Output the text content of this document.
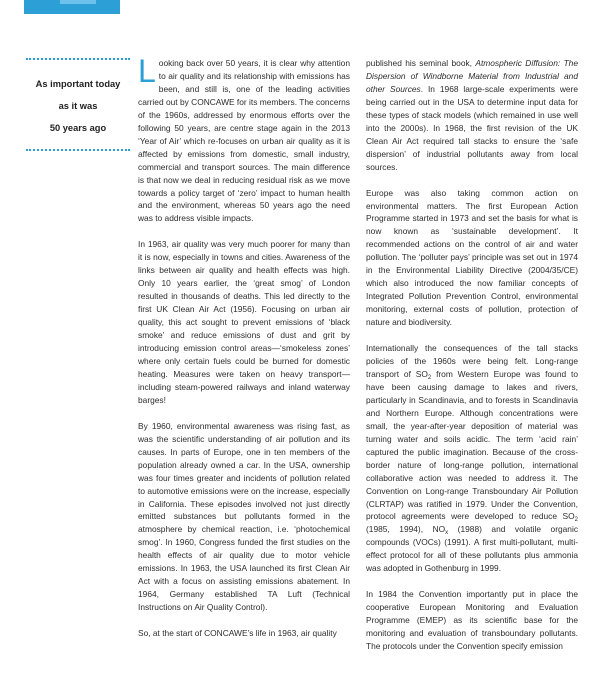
As important today
as it was
50 years ago

Looking back over 50 years, it is clear why attention to air quality and its relationship with emissions has been, and still is, one of the leading activities carried out by CONCAWE for its members. The concerns of the 1960s, addressed by enormous efforts over the following 50 years, are centre stage again in the 2013 ‘Year of Air’ which re-focuses on urban air quality as it is affected by emissions from domestic, small industry, commercial and transport sources. The main difference is that now we deal in reducing residual risk as we move towards a policy target of ‘zero’ impact to human health and the environment, whereas 50 years ago the need was to address visible impacts.

In 1963, air quality was very much poorer for many than it is now, especially in towns and cities. Awareness of the links between air quality and health effects was high. Only 10 years earlier, the ‘great smog’ of London resulted in thousands of deaths. This led directly to the first UK Clean Air Act (1956). Focusing on urban air quality, this act sought to prevent emissions of ‘black smoke’ and reduce emissions of dust and grit by introducing emission control areas—‘smokeless zones’ where only certain fuels could be burned for domestic heating. Measures were taken on heavy transport—including steam-powered railways and inland waterway barges!

By 1960, environmental awareness was rising fast, as was the scientific understanding of air pollution and its causes. In parts of Europe, one in ten members of the population already owned a car. In the USA, ownership was four times greater and incidents of pollution related to automotive emissions were on the increase, especially in California. These episodes involved not just directly emitted substances but pollutants formed in the atmosphere by chemical reaction, i.e. ‘photochemical smog’. In 1960, Congress funded the first studies on the health effects of air quality due to motor vehicle emissions. In 1963, the USA launched its first Clean Air Act with a focus on assisting emissions abatement. In 1964, Germany established TA Luft (Technical Instructions on Air Quality Control).

So, at the start of CONCAWE’s life in 1963, air quality

published his seminal book, Atmospheric Diffusion: The Dispersion of Windborne Material from Industrial and other Sources. In 1968 large-scale experiments were being carried out in the USA to determine input data for these types of stack models (which remained in use well into the 2000s). In 1968, the first revision of the UK Clean Air Act required tall stacks to ensure the ‘safe dispersion’ of industrial pollutants away from local sources.

Europe was also taking common action on environmental matters. The first European Action Programme started in 1973 and set the basis for what is now known as ‘sustainable development’. It recommended actions on the control of air and water pollution. The ‘polluter pays’ principle was set out in 1974 in the Environmental Liability Directive (2004/35/CE) which also introduced the now familiar concepts of Integrated Pollution Prevention Control, environmental monitoring, external costs of pollution, protection of nature and biodiversity.

Internationally the consequences of the tall stacks policies of the 1960s were being felt. Long-range transport of $SO_2$ from Western Europe was found to have been causing damage to lakes and rivers, particularly in Scandinavia, and to forests in Scandinavia and Northern Europe. Although concentrations were small, the year-after-year deposition of material was turning water and soils acidic. The term ‘acid rain’ captured the public imagination. Because of the cross-border nature of long-range pollution, international collaborative action was needed to address it. The Convention on Long-range Transboundary Air Pollution (CLRTAP) was ratified in 1979. Under the Convention, protocol agreements were developed to reduce $SO_2$ (1985, 1994), $NO_x$ (1988) and volatile organic compounds (VOCs) (1991). A first multi-pollutant, multi-effect protocol for all of these pollutants plus ammonia was adopted in Gothenburg in 1999.

In 1984 the Convention importantly put in place the cooperative European Monitoring and Evaluation Programme (EMEP) as its scientific base for the monitoring and evaluation of transboundary pollutants. The protocols under the Convention specify emission
